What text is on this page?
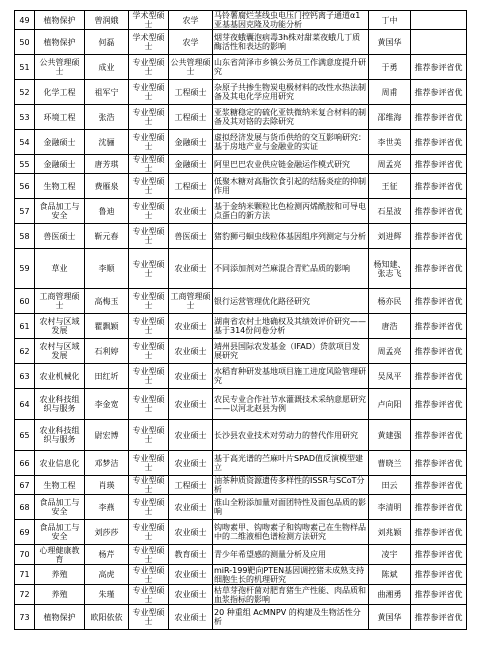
49	植物保护	曾润娥	学术型硕士	农学	马铃薯腐烂茎线虫电压门控钙离子通道α1亚基基因克隆及功能分析	丁中	
50	植物保护	何磊	学术型硕士	农学	烟芽夜蛾囊泡病毒3h株对甜菜夜蛾几丁质酶活性和表达的影响	黄国华	
51	公共管理硕士	成业	专业型硕士	公共管理硕士	山东省菏泽市乡镇公务员工作满意度提升研究	于勇	推荐参评省优
52	化学工程	祖军宁	专业型硕士	工程硕士	杂原子共掺生物炭电极材料的改性水热法制备及其电化学应用研究	周甫	推荐参评省优
53	环境工程	张浩	专业型硕士	工程硕士	亚浆糖稳定的硫化亚铁微纳米复合材料的制备及其对铬的去除研究	邵维海	推荐参评省优
54	金融硕士	沈骊	专业型硕士	金融硕士	虚拟经济发展与货币供给的交互影响研究：基于房地产业与金融业的实证	李世美	推荐参评省优
55	金融硕士	唐芳琪	专业型硕士	金融硕士	阿里巴巴农业供应链金融运作模式研究	周孟亮	推荐参评省优
56	生物工程	费雁泉	专业型硕士	工程硕士	低聚木糖对高脂饮食引起的结肠炎症的抑制作用	王征	推荐参评省优
57	食品加工与安全	鲁迪	专业型硕士	农业硕士	基于金纳米颗粒比色检测丙烯酰胺和可导电点蛋白的新方法	石星波	推荐参评省优
58	兽医硕士	靳元春	专业型硕士	兽医硕士	猪豹狮弓蛔虫线粒体基因组序列测定与分析	刘进辉	推荐参评省优
59	草业	李顺	专业型硕士	农业硕士	不同添加剂对苎麻混合青贮品质的影响	杨知建、张志飞	推荐参评省优
60	工商管理硕士	高梅玉	专业型硕士	工商管理硕士	银行运营管理优化路径研究	杨亦民	推荐参评省优
61	农村与区域发展	瞿飘颖	专业型硕士	农业硕士	湖南省农村土地确权及其绩效评价研究——基于314份问卷分析	唐浩	推荐参评省优
62	农村与区域发展	石利婷	专业型硕士	农业硕士	靖州县国际农发基金（IFAD）贷款项目发展研究	周孟亮	推荐参评省优
63	农业机械化	田红圻	专业型硕士	农业硕士	水稻育种研发基地项目施工进度风险管理研究	吴凤平	推荐参评省优
64	农业科技组织与服务	李金宽	专业型硕士	农业硕士	农民专业合作社节水灌溉技术采纳意愿研究——以河北赵县为例	卢向阳	推荐参评省优
65	农业科技组织与服务	尉宏博	专业型硕士	农业硕士	长沙县农业技术对劳动力的替代作用研究	黄建强	推荐参评省优
66	农业信息化	邓梦洁	专业型硕士	农业硕士	基于高光谱的苎麻叶片SPAD值反演模型建立	曹晓兰	推荐参评省优
67	生物工程	肖瑛	专业型硕士	工程硕士	油茶种质资源遗传多样性的ISSR与SCoT分析	田云	推荐参评省优
68	食品加工与安全	李燕	专业型硕士	农业硕士	淮山全粉添加量对面团特性及面包品质的影响	李清明	推荐参评省优
69	食品加工与安全	刘莎莎	专业型硕士	农业硕士	钩吻素甲、钩吻素子和钩吻素己在生物样品中的二维液相色谱检测方法研究	刘兆颖	推荐参评省优
70	心理健康教育	杨芹	专业型硕士	教育硕士	青少年希望感的测量分析及应用	凌宇	推荐参评省优
71	养殖	高虎	专业型硕士	农业硕士	miR-199靶向PTEN基因调控猪未成熟支持细胞生长的机理研究	陈斌	推荐参评省优
72	养殖	朱瑾	专业型硕士	农业硕士	枯草芽孢杆菌对肥育猪生产性能、肉品质和血浆指标的影响	曲湘勇	推荐参评省优
73	植物保护	欧阳依依	专业型硕士	农业硕士	20 种重组 AcMNPV 的构建及生物活性分析	黄国华	推荐参评省优
